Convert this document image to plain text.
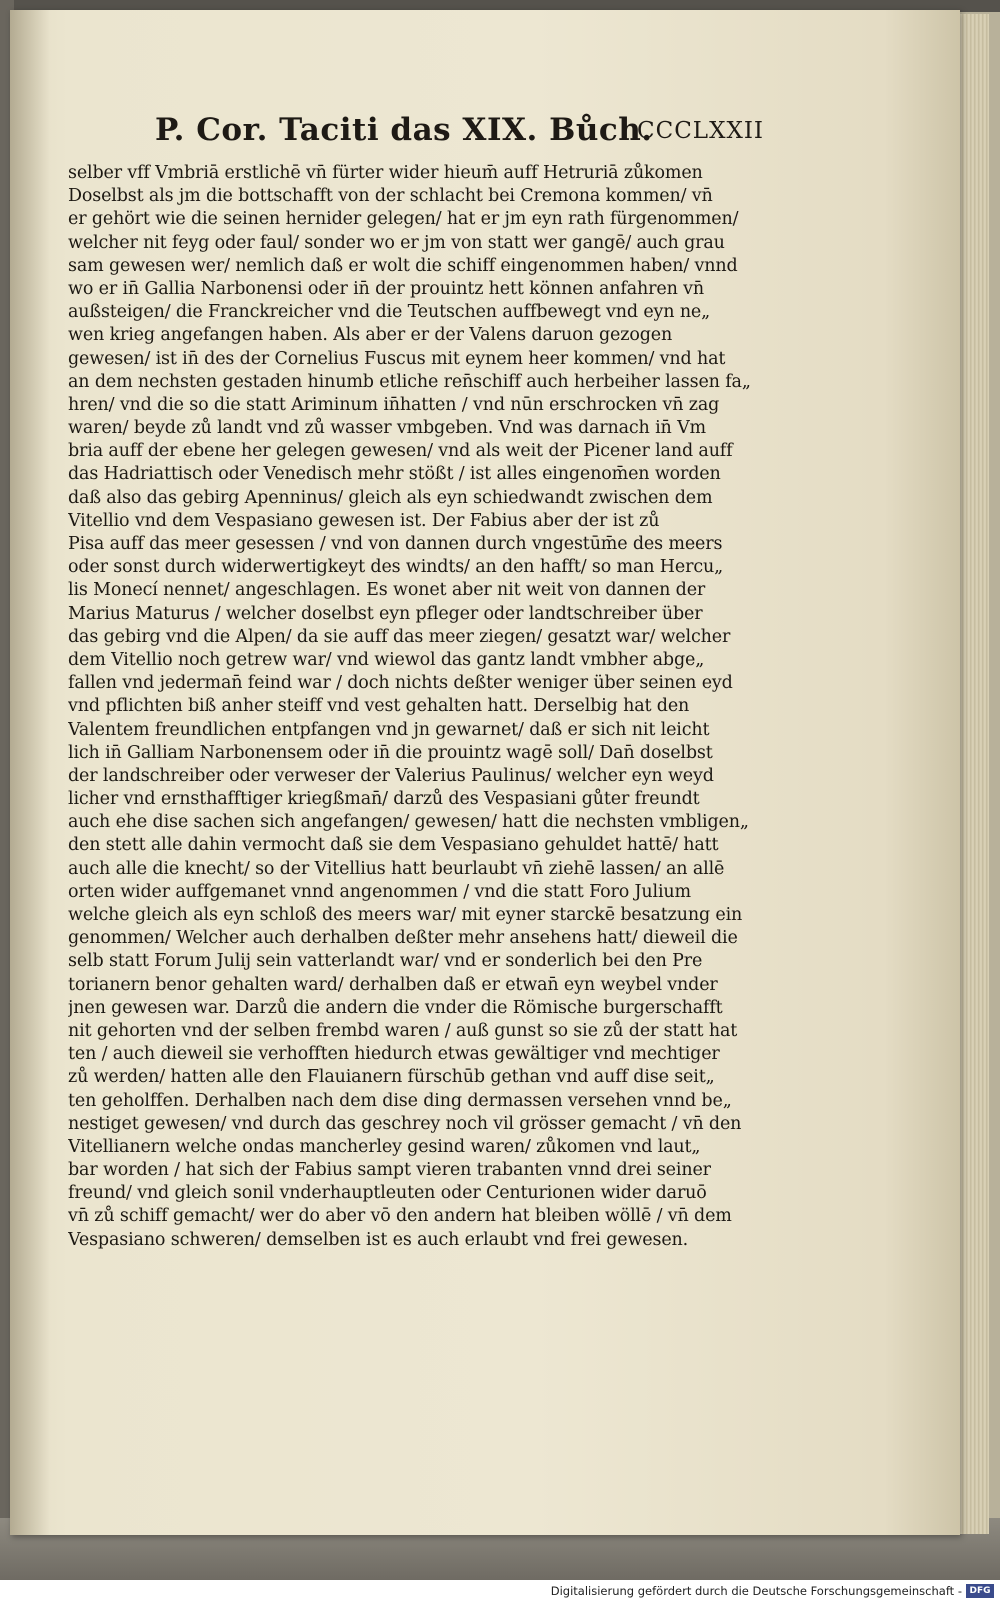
P. Cor. Taciti das XIX. Bůch.
CCCLXXII
selber vff Vmbriā erstlichē vn̄ fürter wider hieum̄ auff Hetruriā zůkomen
Doselbst als jm die bottschafft von der schlacht bei Cremona kommen/ vn̄
er gehört wie die seinen hernider gelegen/ hat er jm eyn rath fürgenommen/
welcher nit feyg oder faul/ sonder wo er jm von statt wer gangē/ auch grau
sam gewesen wer/ nemlich daß er wolt die schiff eingenommen haben/ vnnd
wo er in̄ Gallia Narbonensi oder in̄ der prouintz hett können anfahren vn̄
außsteigen/ die Franckreicher vnd die Teutschen auffbewegt vnd eyn ne„
wen krieg angefangen haben. Als aber er der Valens daruon gezogen
gewesen/ ist in̄ des der Cornelius Fuscus mit eynem heer kommen/ vnd hat
an dem nechsten gestaden hinumb etliche ren̄schiff auch herbeiher lassen fa„
hren/ vnd die so die statt Ariminum in̄hatten / vnd nūn erschrocken vn̄ zag
waren/ beyde zů landt vnd zů wasser vmbgeben. Vnd was darnach in̄ Vm
bria auff der ebene her gelegen gewesen/ vnd als weit der Picener land auff
das Hadriattisch oder Venedisch mehr stößt / ist alles eingenom̄en worden
daß also das gebirg Apenninus/ gleich als eyn schiedwandt zwischen dem
Vitellio vnd dem Vespasiano gewesen ist. Der Fabius aber der ist zů
Pisa auff das meer gesessen / vnd von dannen durch vngestūm̄e des meers
oder sonst durch widerwertigkeyt des windts/ an den hafft/ so man Hercu„
lis Monecí nennet/ angeschlagen. Es wonet aber nit weit von dannen der
Marius Maturus / welcher doselbst eyn pfleger oder landtschreiber über
das gebirg vnd die Alpen/ da sie auff das meer ziegen/ gesatzt war/ welcher
dem Vitellio noch getrew war/ vnd wiewol das gantz landt vmbher abge„
fallen vnd jederman̄ feind war / doch nichts deßter weniger über seinen eyd
vnd pflichten biß anher steiff vnd vest gehalten hatt. Derselbig hat den
Valentem freundlichen entpfangen vnd jn gewarnet/ daß er sich nit leicht
lich in̄ Galliam Narbonensem oder in̄ die prouintz wagē soll/ Dan̄ doselbst
der landschreiber oder verweser der Valerius Paulinus/ welcher eyn weyd
licher vnd ernsthafftiger kriegßman̄/ darzů des Vespasiani gůter freundt
auch ehe dise sachen sich angefangen/ gewesen/ hatt die nechsten vmbligen„
den stett alle dahin vermocht daß sie dem Vespasiano gehuldet hattē/ hatt
auch alle die knecht/ so der Vitellius hatt beurlaubt vn̄ ziehē lassen/ an allē
orten wider auffgemanet vnnd angenommen / vnd die statt Foro Julium
welche gleich als eyn schloß des meers war/ mit eyner starckē besatzung ein
genommen/ Welcher auch derhalben deßter mehr ansehens hatt/ dieweil die
selb statt Forum Julij sein vatterlandt war/ vnd er sonderlich bei den Pre
torianern benor gehalten ward/ derhalben daß er etwan̄ eyn weybel vnder
jnen gewesen war. Darzů die andern die vnder die Römische burgerschafft
nit gehorten vnd der selben frembd waren / auß gunst so sie zů der statt hat
ten / auch dieweil sie verhofften hiedurch etwas gewältiger vnd mechtiger
zů werden/ hatten alle den Flauianern fürschūb gethan vnd auff dise seit„
ten geholffen. Derhalben nach dem dise ding dermassen versehen vnnd be„
nestiget gewesen/ vnd durch das geschrey noch vil grösser gemacht / vn̄ den
Vitellianern welche ondas mancherley gesind waren/ zůkomen vnd laut„
bar worden / hat sich der Fabius sampt vieren trabanten vnnd drei seiner
freund/ vnd gleich sonil vnderhauptleuten oder Centurionen wider daruō
vn̄ zů schiff gemacht/ wer do aber vō den andern hat bleiben wöllē / vn̄ dem
Vespasiano schweren/ demselben ist es auch erlaubt vnd frei gewesen.
Digitalisierung gefördert durch die Deutsche Forschungsgemeinschaft - DFG
